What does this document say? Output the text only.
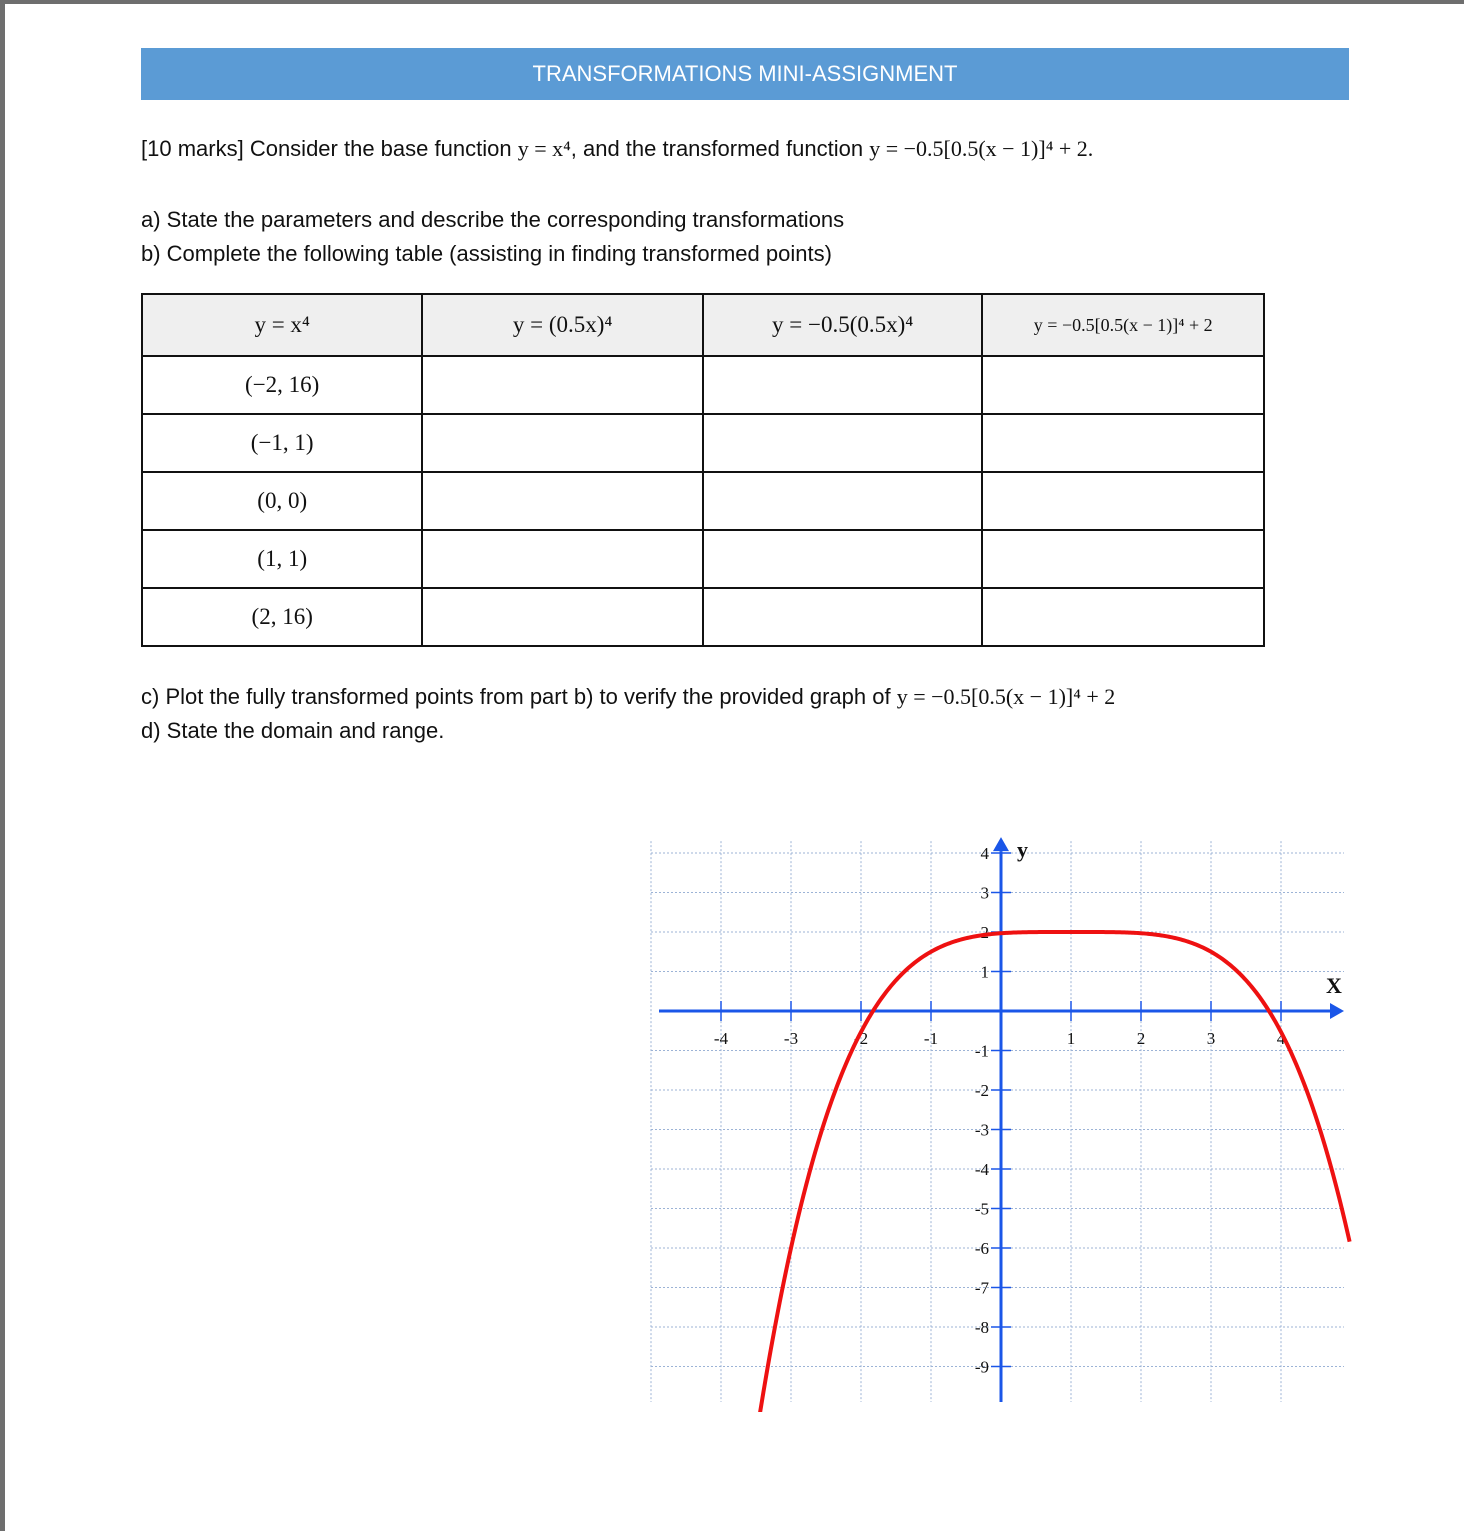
TRANSFORMATIONS MINI-ASSIGNMENT
[10 marks] Consider the base function y = x⁴, and the transformed function y = −0.5[0.5(x − 1)]⁴ + 2.
a) State the parameters and describe the corresponding transformations
b) Complete the following table (assisting in finding transformed points)
y = x⁴	y = (0.5x)⁴	y = −0.5(0.5x)⁴	y = −0.5[0.5(x − 1)]⁴ + 2
(−2, 16)			
(−1, 1)			
(0, 0)			
(1, 1)			
(2, 16)			
c) Plot the fully transformed points from part b) to verify the provided graph of y = −0.5[0.5(x − 1)]⁴ + 2
d) State the domain and range.
-4	-3	-2	-1	1	2	3	4
4
3
2
1
-1
-2
-3
-4
-5
-6
-7
-8
-9
X
y
